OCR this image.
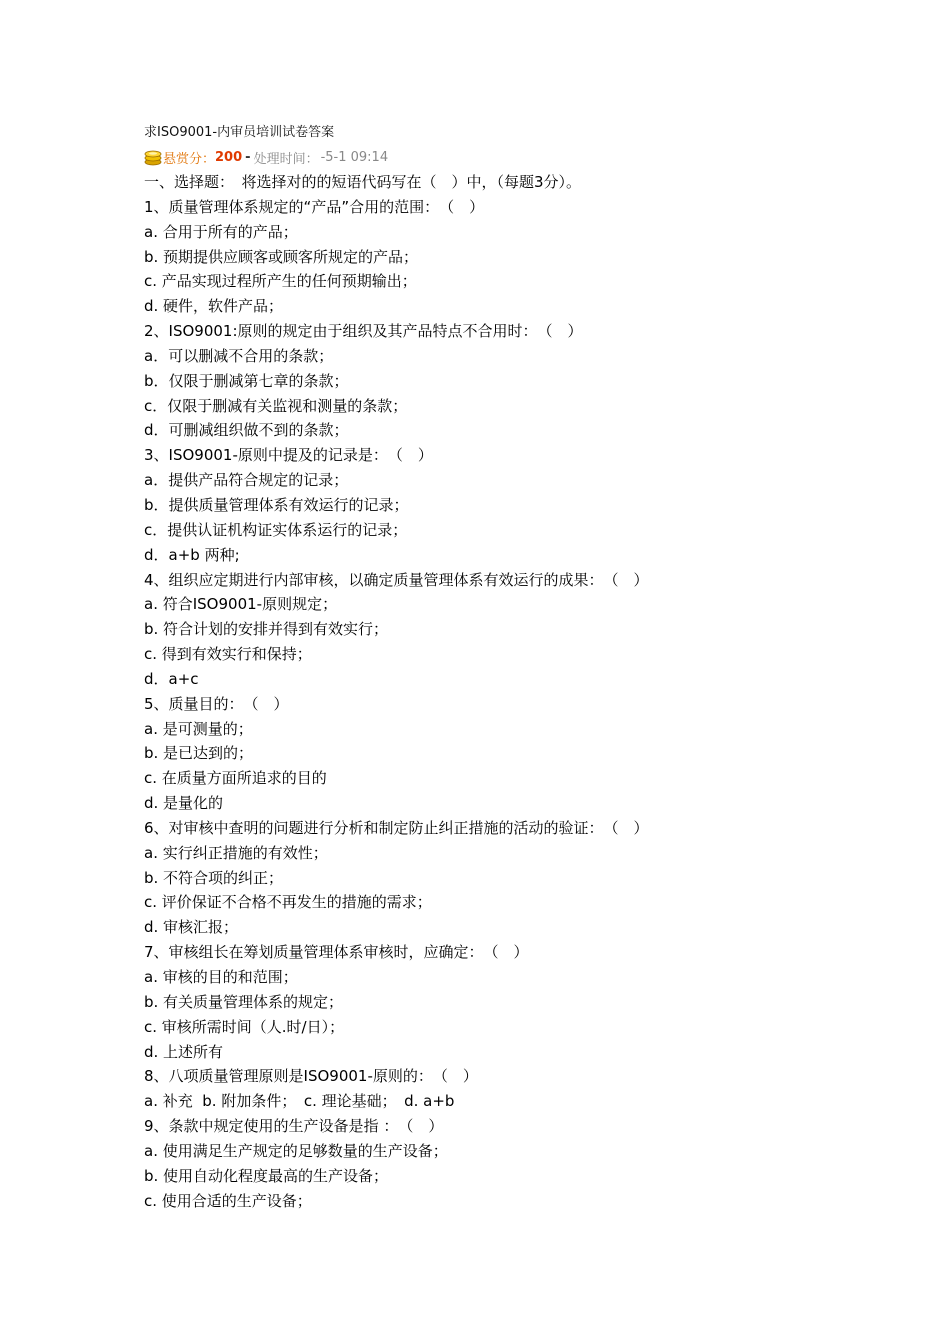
求ISO9001-内审员培训试卷答案
悬赏分： 200 - 处理时间： -5-1 09:14
一、选择题：　将选择对的的短语代码写在（　）中，（每题3分）。
1、质量管理体系规定的“产品”合用的范围：　（　）
a. 合用于所有的产品；
b. 预期提供应顾客或顾客所规定的产品；
c. 产品实现过程所产生的任何预期输出；
d. 硬件，软件产品；
2、ISO9001:原则的规定由于组织及其产品特点不合用时：　（　）
a．可以删减不合用的条款；
b．仅限于删减第七章的条款；
c．仅限于删减有关监视和测量的条款；
d．可删减组织做不到的条款；
3、ISO9001-原则中提及的记录是：　（　）
a．提供产品符合规定的记录；
b．提供质量管理体系有效运行的记录；
c．提供认证机构证实体系运行的记录；
d．a+b 两种;
4、组织应定期进行内部审核，以确定质量管理体系有效运行的成果：　（　）
a. 符合ISO9001-原则规定；
b. 符合计划的安排并得到有效实行；
c. 得到有效实行和保持；
d．a+c
5、质量目的：　（　）
a. 是可测量的；
b. 是已达到的；
c. 在质量方面所追求的目的
d. 是量化的
6、对审核中查明的问题进行分析和制定防止纠正措施的活动的验证：　（　）
a. 实行纠正措施的有效性；
b. 不符合项的纠正；
c. 评价保证不合格不再发生的措施的需求；
d. 审核汇报；
7、审核组长在筹划质量管理体系审核时，应确定：　（　）
a. 审核的目的和范围；
b. 有关质量管理体系的规定；
c. 审核所需时间（人.时/日）；
d. 上述所有
8、八项质量管理原则是ISO9001-原则的：　（　）
a. 补充  b. 附加条件；　c. 理论基础；　d. a+b
9、条款中规定使用的生产设备是指 ：　（　）
a. 使用满足生产规定的足够数量的生产设备；
b. 使用自动化程度最高的生产设备；
c. 使用合适的生产设备；
